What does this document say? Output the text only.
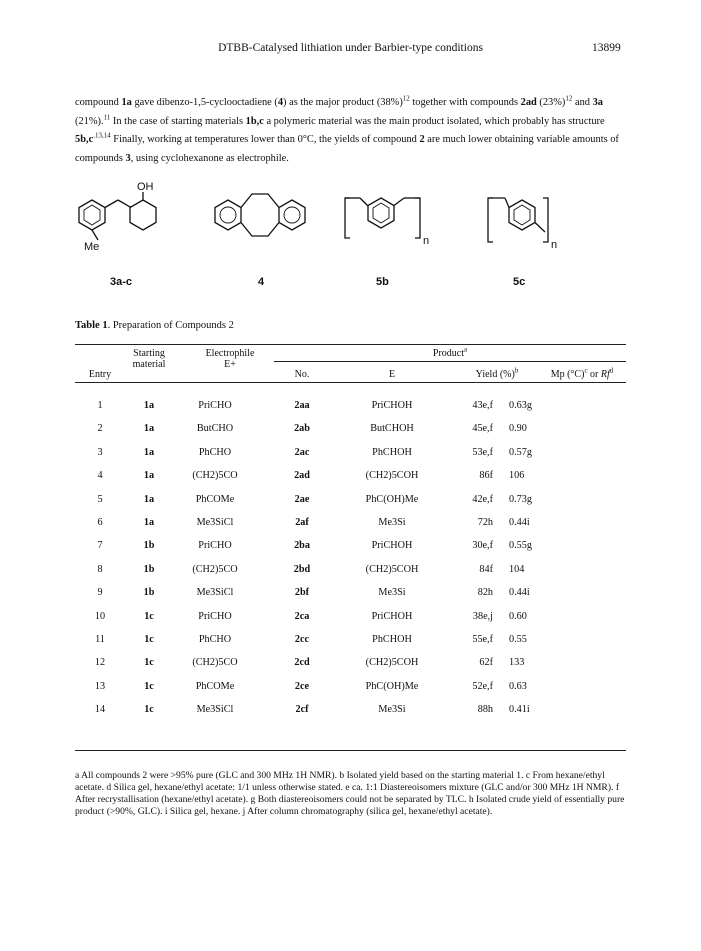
DTBB-Catalysed lithiation under Barbier-type conditions	13899
compound 1a gave dibenzo-1,5-cyclooctadiene (4) as the major product $(38\%)^{12}$ together with compounds 2ad $(23\%)^{12}$ and 3a (21%).$^{11}$ In the case of starting materials 1b,c a polymeric material was the main product isolated, which probably has structure $5b,c^{.13,14}$ Finally, working at temperatures lower than 0°C, the yields of compound 2 are much lower obtaining variable amounts of compounds 3, using cyclohexanone as electrophile.
OH
Me	n	n
3a-c	4	5b	5c
Table 1. Preparation of Compounds 2
Product$^a$
Starting
material
Electrophile
E+
Entry	No.	E	Yield (%)$^b$	Mp $(^\circ C)^c$ or Rf$^d$
1	1a	PriCHO	2aa	PriCHOH	43e,f 0.63g
2	1a	ButCHO	2ab	ButCHOH	45e,f 0.90
3	1a	PhCHO	2ac	PhCHOH	53e,f 0.57g
4	1a	(CH2)5CO	2ad	(CH2)5COH	86f 106
5	1a	PhCOMe	2ae	PhC(OH)Me	42e,f 0.73g
6	1a	Me3SiCl	2af	Me3Si	72h 0.44i
7	1b	PriCHO	2ba	PriCHOH	30e,f 0.55g
8	1b	(CH2)5CO	2bd	(CH2)5COH	84f 104
9	1b	Me3SiCl	2bf	Me3Si	82h 0.44i
10	1c	PriCHO	2ca	PriCHOH	38e,j 0.60
11	1c	PhCHO	2cc	PhCHOH	55e,f 0.55
12	1c	(CH2)5CO	2cd	(CH2)5COH	62f 133
13	1c	PhCOMe	2ce	PhC(OH)Me	52e,f 0.63
14	1c	Me3SiCl	2cf	Me3Si	88h 0.41i
a All compounds 2 were >95% pure (GLC and 300 MHz 1H NMR). b Isolated yield based on the starting material 1. c From hexane/ethyl acetate. d Silica gel, hexane/ethyl acetate: 1/1 unless otherwise stated. e ca. 1:1 Diastereoisomers mixture (GLC and/or 300 MHz 1H NMR). f After recrystallisation (hexane/ethyl acetate). g Both diastereoisomers could not be separated by TLC. h Isolated crude yield of essentially pure product (>90%, GLC). i Silica gel, hexane. j After column chromatography (silica gel, hexane/ethyl acetate).
